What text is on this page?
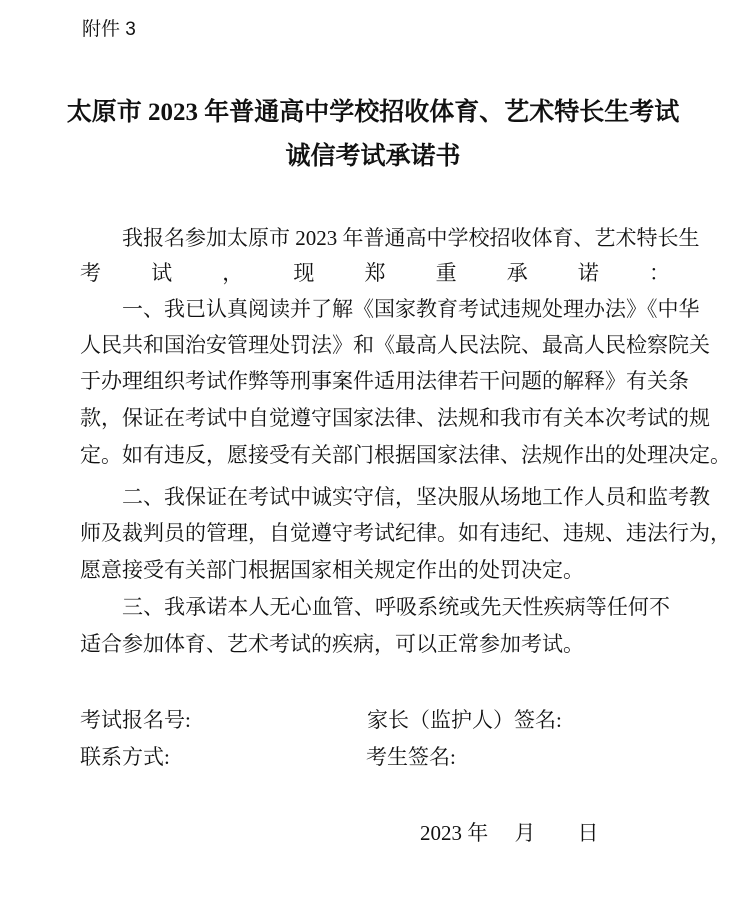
附件 3
太原市 2023 年普通高中学校招收体育、艺术特长生考试
诚信考试承诺书
我报名参加太原市 2023 年普通高中学校招收体育、艺术特长生
考试，现郑重承诺：
一、我已认真阅读并了解《国家教育考试违规处理办法》《中华
人民共和国治安管理处罚法》和《最高人民法院、最高人民检察院关
于办理组织考试作弊等刑事案件适用法律若干问题的解释》有关条
款，保证在考试中自觉遵守国家法律、法规和我市有关本次考试的规
定。如有违反，愿接受有关部门根据国家法律、法规作出的处理决定。
二、我保证在考试中诚实守信，坚决服从场地工作人员和监考教
师及裁判员的管理，自觉遵守考试纪律。如有违纪、违规、违法行为，
愿意接受有关部门根据国家相关规定作出的处罚决定。
三、我承诺本人无心血管、呼吸系统或先天性疾病等任何不
适合参加体育、艺术考试的疾病，可以正常参加考试。
考试报名号:	家长（监护人）签名:
联系方式:	考生签名:
2023 年　 月　　日
